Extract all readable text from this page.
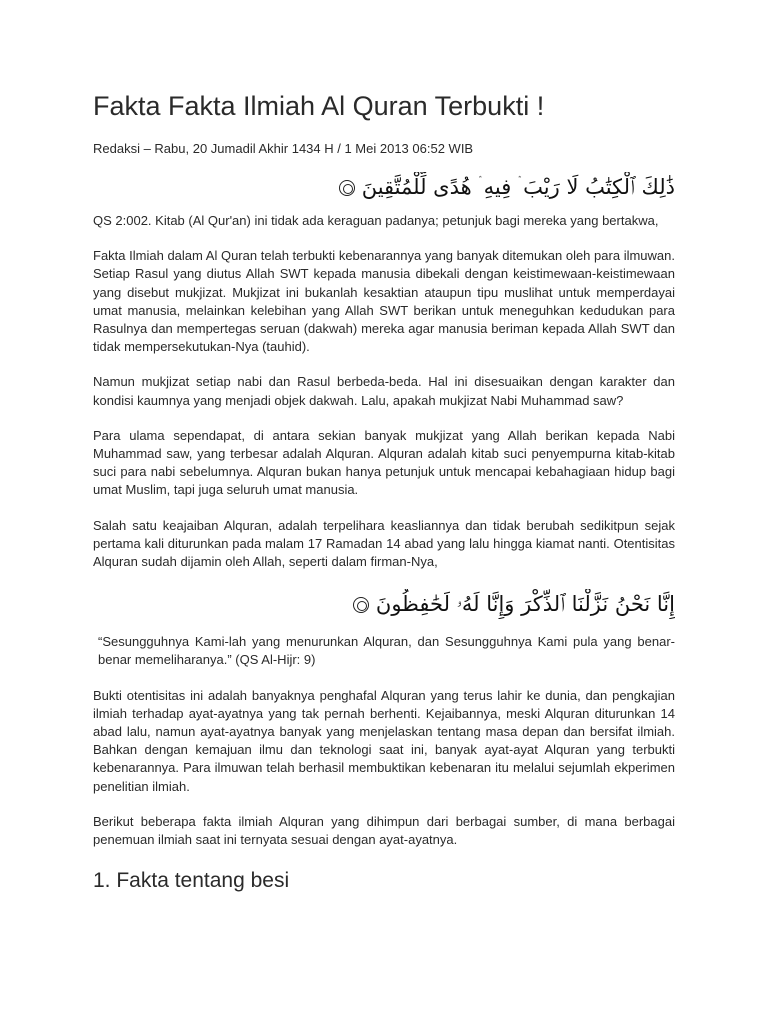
Fakta Fakta Ilmiah Al Quran Terbukti !
Redaksi – Rabu, 20 Jumadil Akhir 1434 H / 1 Mei 2013 06:52 WIB
ذَٰلِكَ ٱلْكِتَٰبُ لَا رَيْبَ ۛ فِيهِ ۛ هُدًى لِّلْمُتَّقِينَ

QS 2:002. Kitab (Al Qur'an) ini tidak ada keraguan padanya; petunjuk bagi mereka yang bertakwa,

Fakta Ilmiah dalam Al Quran telah terbukti kebenarannya yang banyak ditemukan oleh para ilmuwan. Setiap Rasul yang diutus Allah SWT kepada manusia dibekali dengan keistimewaan-keistimewaan yang disebut mukjizat. Mukjizat ini bukanlah kesaktian ataupun tipu muslihat untuk memperdayai umat manusia, melainkan kelebihan yang Allah SWT berikan untuk meneguhkan kedudukan para Rasulnya dan mempertegas seruan (dakwah) mereka agar manusia beriman kepada Allah SWT dan tidak mempersekutukan-Nya (tauhid).

Namun mukjizat setiap nabi dan Rasul berbeda-beda. Hal ini disesuaikan dengan karakter dan kondisi kaumnya yang menjadi objek dakwah. Lalu, apakah mukjizat Nabi Muhammad saw?

Para ulama sependapat, di antara sekian banyak mukjizat yang Allah berikan kepada Nabi Muhammad saw, yang terbesar adalah Alquran. Alquran adalah kitab suci penyempurna kitab-kitab suci para nabi sebelumnya. Alquran bukan hanya petunjuk untuk mencapai kebahagiaan hidup bagi umat Muslim, tapi juga seluruh umat manusia.

Salah satu keajaiban Alquran, adalah terpelihara keasliannya dan tidak berubah sedikitpun sejak pertama kali diturunkan pada malam 17 Ramadan 14 abad yang lalu hingga kiamat nanti. Otentisitas Alquran sudah dijamin oleh Allah, seperti dalam firman-Nya,

إِنَّا نَحْنُ نَزَّلْنَا ٱلذِّكْرَ وَإِنَّا لَهُۥ لَحَٰفِظُونَ

“Sesungguhnya Kami-lah yang menurunkan Alquran, dan Sesungguhnya Kami pula yang benar-benar memeliharanya.” (QS Al-Hijr: 9)

Bukti otentisitas ini adalah banyaknya penghafal Alquran yang terus lahir ke dunia, dan pengkajian ilmiah terhadap ayat-ayatnya yang tak pernah berhenti. Kejaibannya, meski Alquran diturunkan 14 abad lalu, namun ayat-ayatnya banyak yang menjelaskan tentang masa depan dan bersifat ilmiah. Bahkan dengan kemajuan ilmu dan teknologi saat ini, banyak ayat-ayat Alquran yang terbukti kebenarannya. Para ilmuwan telah berhasil membuktikan kebenaran itu melalui sejumlah ekperimen penelitian ilmiah.

Berikut beberapa fakta ilmiah Alquran yang dihimpun dari berbagai sumber, di mana berbagai penemuan ilmiah saat ini ternyata sesuai dengan ayat-ayatnya.

1. Fakta tentang besi
